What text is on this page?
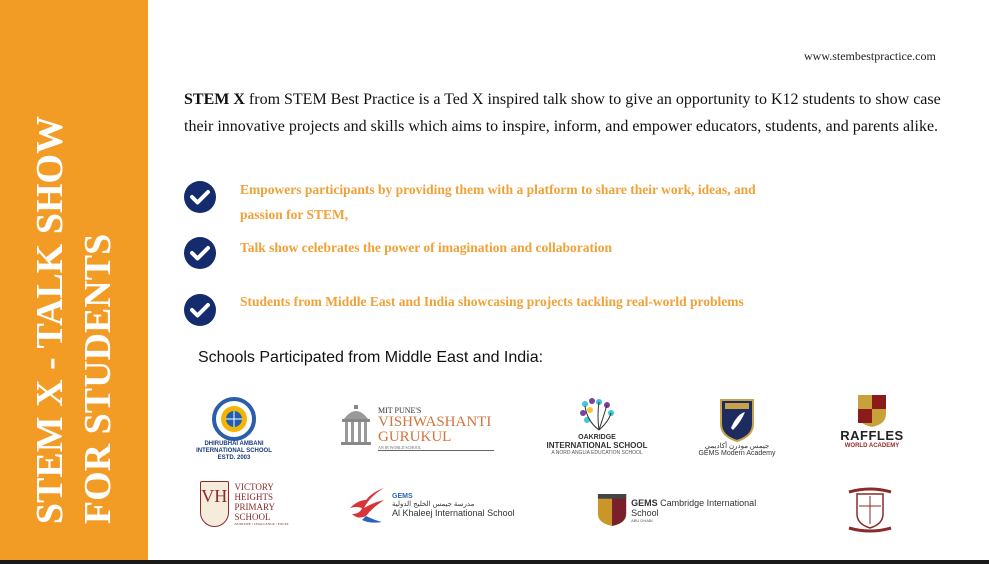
STEM X - TALK SHOW FOR STUDENTS
www.stembestpractice.com

STEM X from STEM Best Practice is a Ted X inspired talk show to give an opportunity to K12 students to show case their innovative projects and skills which aims to inspire, inform, and empower educators, students, and parents alike.

Empowers participants by providing them with a platform to share their work, ideas, and passion for STEM,
Talk show celebrates the power of imagination and collaboration
Students from Middle East and India showcasing projects tackling real-world problems
Schools Participated from Middle East and India:
DHIRUBHAI AMBANI
INTERNATIONAL SCHOOL
ESTD. 2003
MIT PUNE'S
VISHWASHANTI
GURUKUL
AN IB WORLD SCHOOL
OAKRIDGE
INTERNATIONAL SCHOOL
A NORD ANGLIA EDUCATION SCHOOL
جيمس مودرن أكاديمي
GEMS Modern Academy
RAFFLES
WORLD ACADEMY
VH VICTORY HEIGHTS
PRIMARY SCHOOL
NURTURE • CHALLENGE • EXCEL
GEMS
مدرسة جيمس الخليج الدولية
Al Khaleej International School
GEMS Cambridge International School
ABU DHABI
